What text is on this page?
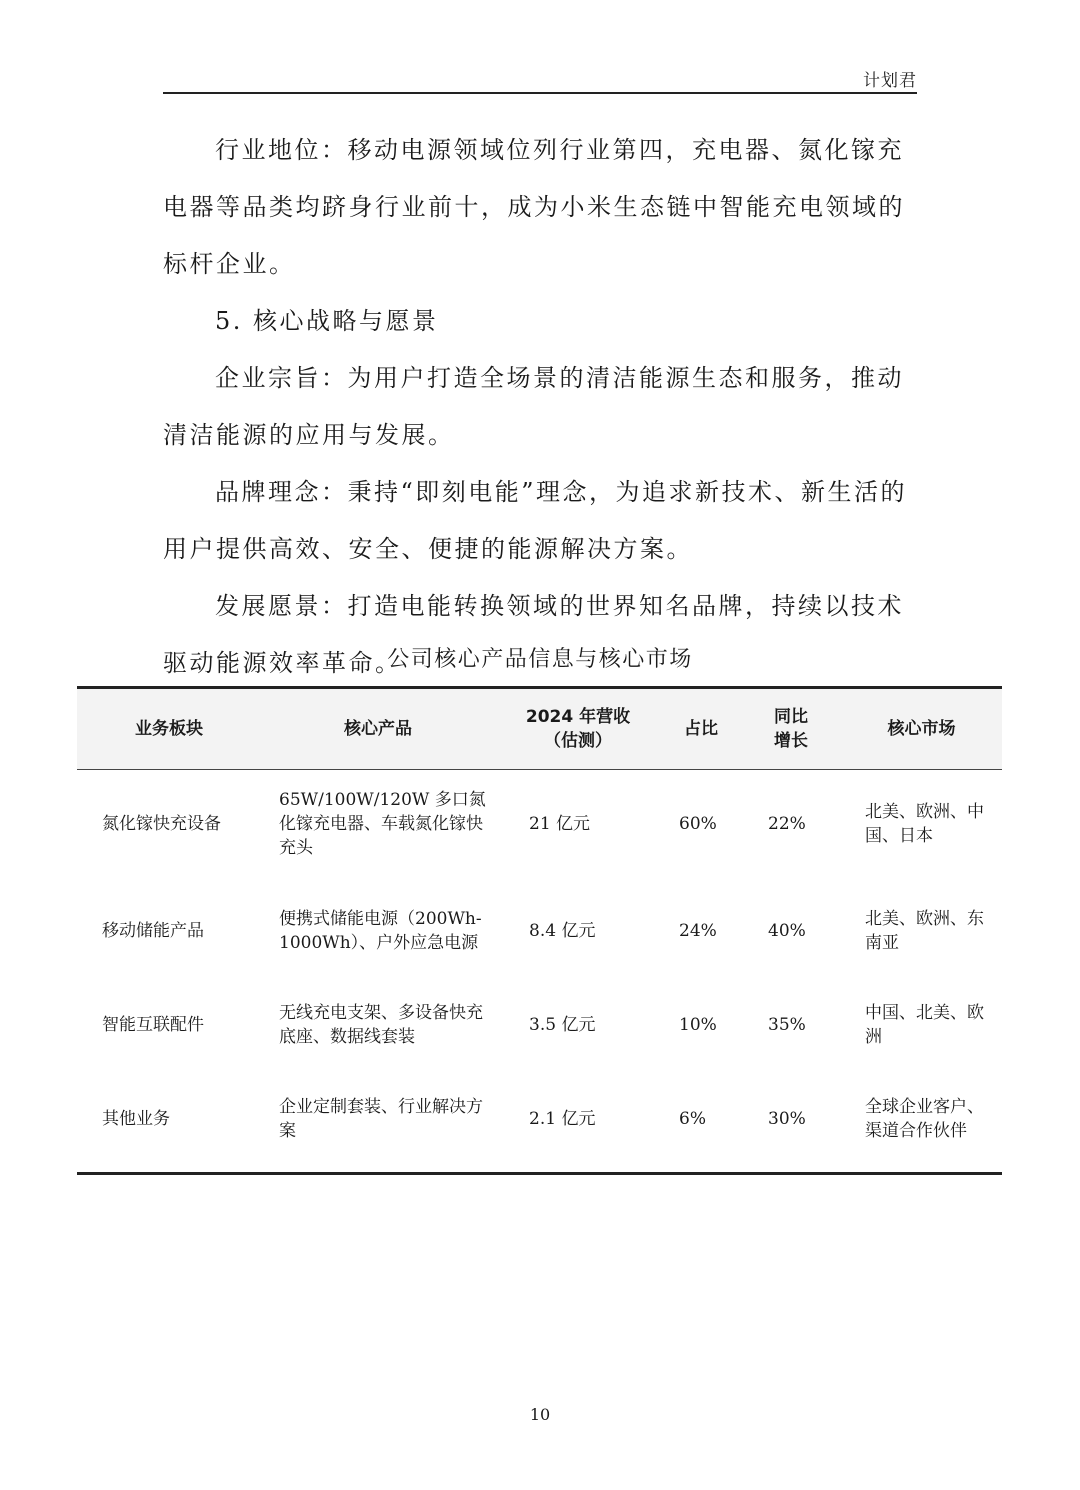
计划君

行业地位：移动电源领域位列行业第四，充电器、氮化镓充电器等品类均跻身行业前十，成为小米生态链中智能充电领域的标杆企业。

5. 核心战略与愿景

企业宗旨：为用户打造全场景的清洁能源生态和服务，推动清洁能源的应用与发展。

品牌理念：秉持“即刻电能”理念，为追求新技术、新生活的用户提供高效、安全、便捷的能源解决方案。

发展愿景：打造电能转换领域的世界知名品牌，持续以技术驱动能源效率革命。

公司核心产品信息与核心市场
业务板块	核心产品	2024 年营收（估测）	占比	同比增长	核心市场
氮化镓快充设备	65W/100W/120W 多口氮化镓充电器、车载氮化镓快充头	21 亿元	60%	22%	北美、欧洲、中国、日本
移动储能产品	便携式储能电源（200Wh-1000Wh）、户外应急电源	8.4 亿元	24%	40%	北美、欧洲、东南亚
智能互联配件	无线充电支架、多设备快充底座、数据线套装	3.5 亿元	10%	35%	中国、北美、欧洲
其他业务	企业定制套装、行业解决方案	2.1 亿元	6%	30%	全球企业客户、渠道合作伙伴
10
